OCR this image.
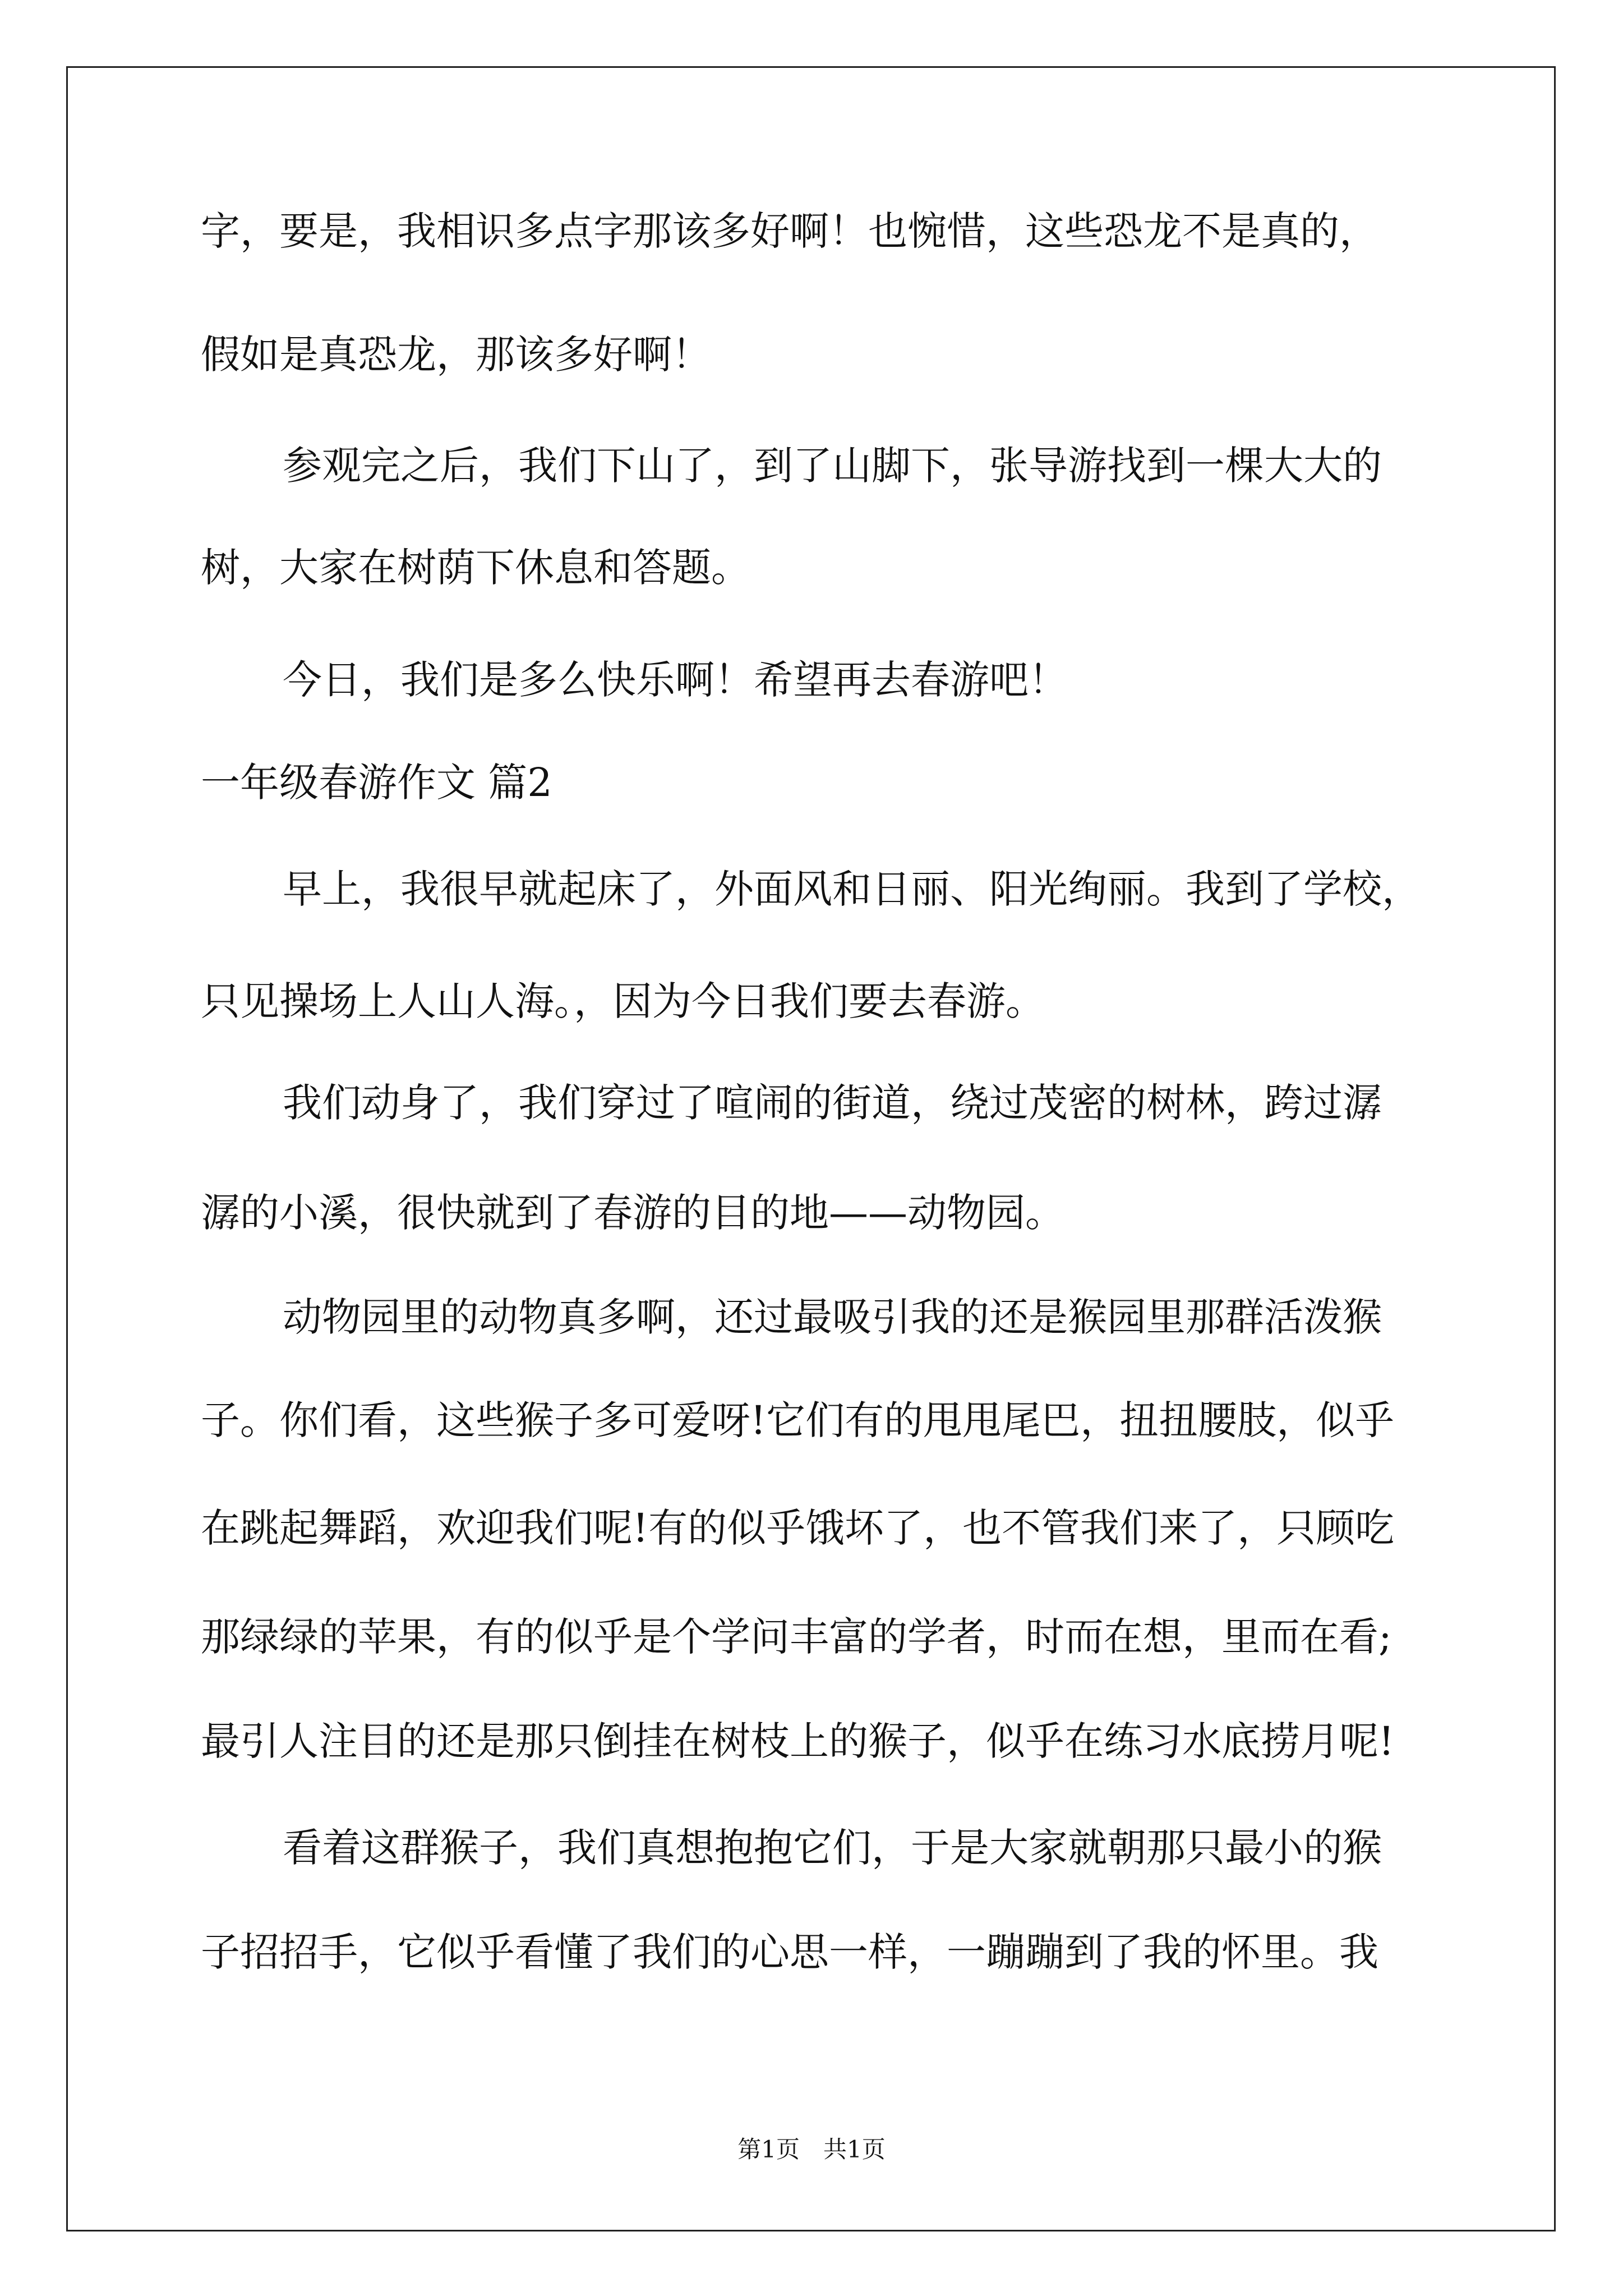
字，要是，我相识多点字那该多好啊！也惋惜，这些恐龙不是真的，
假如是真恐龙，那该多好啊！
参观完之后，我们下山了，到了山脚下，张导游找到一棵大大的
树，大家在树荫下休息和答题。
今日，我们是多么快乐啊！希望再去春游吧！
一年级春游作文 篇2
早上，我很早就起床了，外面风和日丽、阳光绚丽。我到了学校，
只见操场上人山人海。，因为今日我们要去春游。
我们动身了，我们穿过了喧闹的街道，绕过茂密的树林，跨过潺
潺的小溪，很快就到了春游的目的地——动物园。
动物园里的动物真多啊，还过最吸引我的还是猴园里那群活泼猴
子。你们看，这些猴子多可爱呀!它们有的甩甩尾巴，扭扭腰肢，似乎
在跳起舞蹈，欢迎我们呢!有的似乎饿坏了，也不管我们来了，只顾吃
那绿绿的苹果，有的似乎是个学问丰富的学者，时而在想，里而在看;
最引人注目的还是那只倒挂在树枝上的猴子，似乎在练习水底捞月呢!
看着这群猴子，我们真想抱抱它们，于是大家就朝那只最小的猴
子招招手，它似乎看懂了我们的心思一样，一蹦蹦到了我的怀里。我
第1页 共1页
